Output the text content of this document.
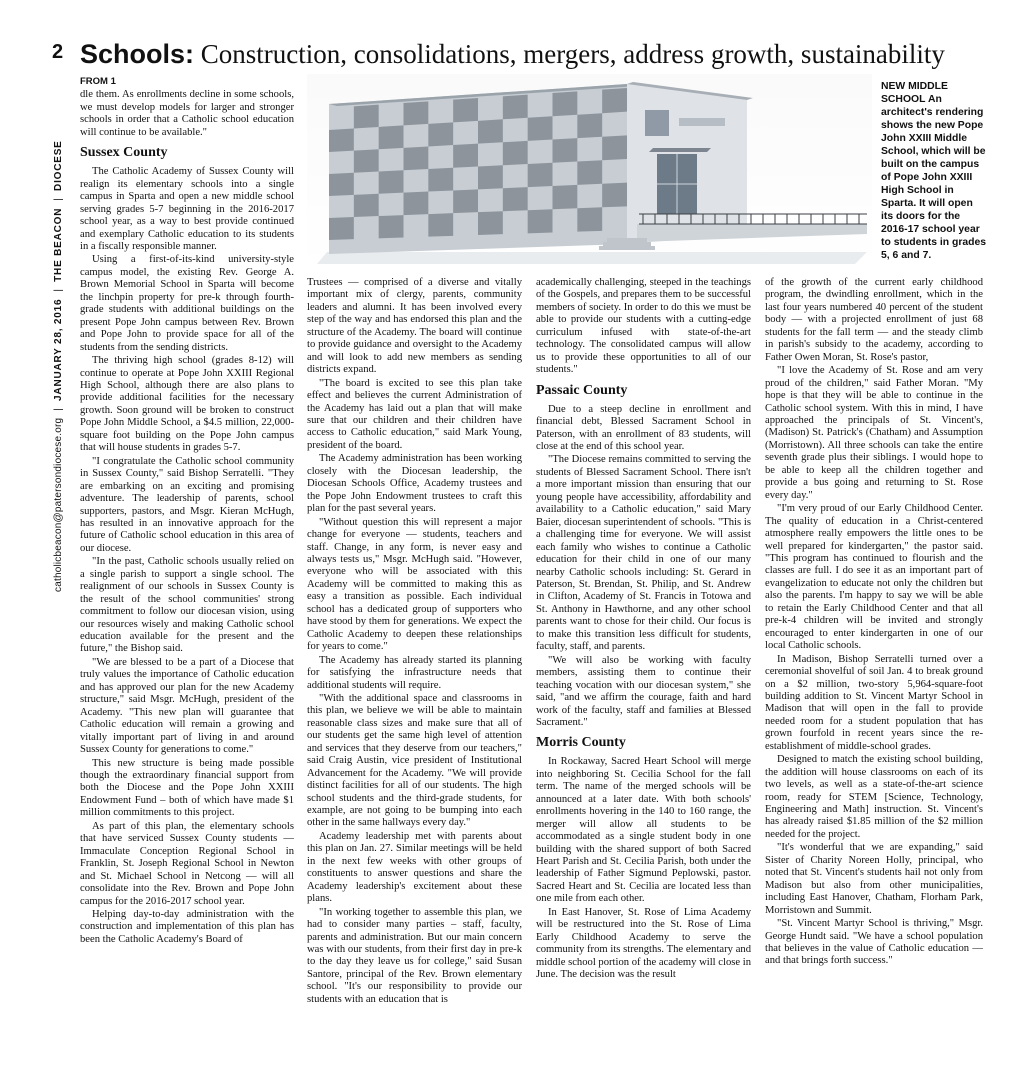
2
catholicbeacon@patersondiocese.org | JANUARY 28, 2016 | THE BEACON | DIOCESE
Schools: Construction, consolidations, mergers, address growth, sustainability

FROM 1

dle them. As enrollments decline in some schools, we must develop models for larger and stronger schools in order that a Catholic school education will continue to be available."

Sussex County

The Catholic Academy of Sussex County will realign its elementary schools into a single campus in Sparta and open a new middle school serving grades 5-7 beginning in the 2016-2017 school year, as a way to best provide continued and exemplary Catholic education to its students in a fiscally responsible manner.

Using a first-of-its-kind university-style campus model, the existing Rev. George A. Brown Memorial School in Sparta will become the linchpin property for pre-k through fourth-grade students with additional buildings on the present Pope John campus between Rev. Brown and Pope John to provide space for all of the students from the sending districts.

The thriving high school (grades 8-12) will continue to operate at Pope John XXIII Regional High School, although there are also plans to provide additional facilities for the necessary growth. Soon ground will be broken to construct Pope John Middle School, a $4.5 million, 22,000-square foot building on the Pope John campus that will house students in grades 5-7.

"I congratulate the Catholic school community in Sussex County," said Bishop Serratelli. "They are embarking on an exciting and promising adventure. The leadership of parents, school supporters, pastors, and Msgr. Kieran McHugh, has resulted in an innovative approach for the future of Catholic school education in this area of our diocese.

"In the past, Catholic schools usually relied on a single parish to support a single school. The realignment of our schools in Sussex County is the result of the school communities' strong commitment to follow our diocesan vision, using our resources wisely and making Catholic school education available for the present and the future," the Bishop said.

"We are blessed to be a part of a Diocese that truly values the importance of Catholic education and has approved our plan for the new Academy structure," said Msgr. McHugh, president of the Academy. "This new plan will guarantee that Catholic education will remain a growing and vitally important part of living in and around Sussex County for generations to come."

This new structure is being made possible though the extraordinary financial support from both the Diocese and the Pope John XXIII Endowment Fund – both of which have made $1 million commitments to this project.

As part of this plan, the elementary schools that have serviced Sussex County students — Immaculate Conception Regional School in Franklin, St. Joseph Regional School in Newton and St. Michael School in Netcong — will all consolidate into the Rev. Brown and Pope John campus for the 2016-2017 school year.

Helping day-to-day administration with the construction and implementation of this plan has been the Catholic Academy's Board of

NEW MIDDLE SCHOOL An architect's rendering shows the new Pope John XXIII Middle School, which will be built on the campus of Pope John XXIII High School in Sparta. It will open its doors for the 2016-17 school year to students in grades 5, 6 and 7.

Trustees — comprised of a diverse and vitally important mix of clergy, parents, community leaders and alumni. It has been involved every step of the way and has endorsed this plan and the structure of the Academy. The board will continue to provide guidance and oversight to the Academy and will look to add new members as sending districts expand.

"The board is excited to see this plan take effect and believes the current Administration of the Academy has laid out a plan that will make sure that our children and their children have access to Catholic education," said Mark Young, president of the board.

The Academy administration has been working closely with the Diocesan leadership, the Diocesan Schools Office, Academy trustees and the Pope John Endowment trustees to craft this plan for the past several years.

"Without question this will represent a major change for everyone — students, teachers and staff. Change, in any form, is never easy and always tests us," Msgr. McHugh said. "However, everyone who will be associated with this Academy will be committed to making this as easy a transition as possible. Each individual school has a dedicated group of supporters who have stood by them for generations. We expect the Catholic Academy to deepen these relationships for years to come."

The Academy has already started its planning for satisfying the infrastructure needs that additional students will require.

"With the additional space and classrooms in this plan, we believe we will be able to maintain reasonable class sizes and make sure that all of our students get the same high level of attention and services that they deserve from our teachers," said Craig Austin, vice president of Institutional Advancement for the Academy. "We will provide distinct facilities for all of our students. The high school students and the third-grade students, for example, are not going to be bumping into each other in the same hallways every day."

Academy leadership met with parents about this plan on Jan. 27. Similar meetings will be held in the next few weeks with other groups of constituents to answer questions and share the Academy leadership's excitement about these plans.

"In working together to assemble this plan, we had to consider many parties – staff, faculty, parents and administration. But our main concern was with our students, from their first day in pre-k to the day they leave us for college," said Susan Santore, principal of the Rev. Brown elementary school. "It's our responsibility to provide our students with an education that is

academically challenging, steeped in the teachings of the Gospels, and prepares them to be successful members of society. In order to do this we must be able to provide our students with a cutting-edge curriculum infused with state-of-the-art technology. The consolidated campus will allow us to provide these opportunities to all of our students."

Passaic County

Due to a steep decline in enrollment and financial debt, Blessed Sacrament School in Paterson, with an enrollment of 83 students, will close at the end of this school year.

"The Diocese remains committed to serving the students of Blessed Sacrament School. There isn't a more important mission than ensuring that our young people have accessibility, affordability and availability to a Catholic education," said Mary Baier, diocesan superintendent of schools. "This is a challenging time for everyone. We will assist each family who wishes to continue a Catholic education for their child in one of our many nearby Catholic schools including: St. Gerard in Paterson, St. Brendan, St. Philip, and St. Andrew in Clifton, Academy of St. Francis in Totowa and St. Anthony in Hawthorne, and any other school parents want to chose for their child. Our focus is to make this transition less difficult for students, faculty, staff, and parents.

"We will also be working with faculty members, assisting them to continue their teaching vocation with our diocesan system," she said, "and we affirm the courage, faith and hard work of the faculty, staff and families at Blessed Sacrament."

Morris County

In Rockaway, Sacred Heart School will merge into neighboring St. Cecilia School for the fall term. The name of the merged schools will be announced at a later date. With both schools' enrollments hovering in the 140 to 160 range, the merger will allow all students to be accommodated as a single student body in one building with the shared support of both Sacred Heart Parish and St. Cecilia Parish, both under the leadership of Father Sigmund Peplowski, pastor. Sacred Heart and St. Cecilia are located less than one mile from each other.

In East Hanover, St. Rose of Lima Academy will be restructured into the St. Rose of Lima Early Childhood Academy to serve the community from its strengths. The elementary and middle school portion of the academy will close in June. The decision was the result

of the growth of the current early childhood program, the dwindling enrollment, which in the last four years numbered 40 percent of the student body — with a projected enrollment of just 68 students for the fall term — and the steady climb in parish's subsidy to the academy, according to Father Owen Moran, St. Rose's pastor,

"I love the Academy of St. Rose and am very proud of the children," said Father Moran. "My hope is that they will be able to continue in the Catholic school system. With this in mind, I have approached the principals of St. Vincent's, (Madison) St. Patrick's (Chatham) and Assumption (Morristown). All three schools can take the entire seventh grade plus their siblings. I would hope to be able to keep all the children together and provide a bus going and returning to St. Rose every day."

"I'm very proud of our Early Childhood Center. The quality of education in a Christ-centered atmosphere really empowers the little ones to be well prepared for kindergarten," the pastor said. "This program has continued to flourish and the classes are full. I do see it as an important part of evangelization to educate not only the children but also the parents. I'm happy to say we will be able to retain the Early Childhood Center and that all pre-k-4 children will be invited and strongly encouraged to enter kindergarten in one of our local Catholic schools.

In Madison, Bishop Serratelli turned over a ceremonial shovelful of soil Jan. 4 to break ground on a $2 million, two-story 5,964-square-foot building addition to St. Vincent Martyr School in Madison that will open in the fall to provide needed room for a student population that has grown fourfold in recent years since the re-establishment of middle-school grades.

Designed to match the existing school building, the addition will house classrooms on each of its two levels, as well as a state-of-the-art science room, ready for STEM [Science, Technology, Engineering and Math] instruction. St. Vincent's has already raised $1.85 million of the $2 million needed for the project.

"It's wonderful that we are expanding," said Sister of Charity Noreen Holly, principal, who noted that St. Vincent's students hail not only from Madison but also from other municipalities, including East Hanover, Chatham, Florham Park, Morristown and Summit.

"St. Vincent Martyr School is thriving," Msgr. George Hundt said. "We have a school population that believes in the value of Catholic education — and that brings forth success."
